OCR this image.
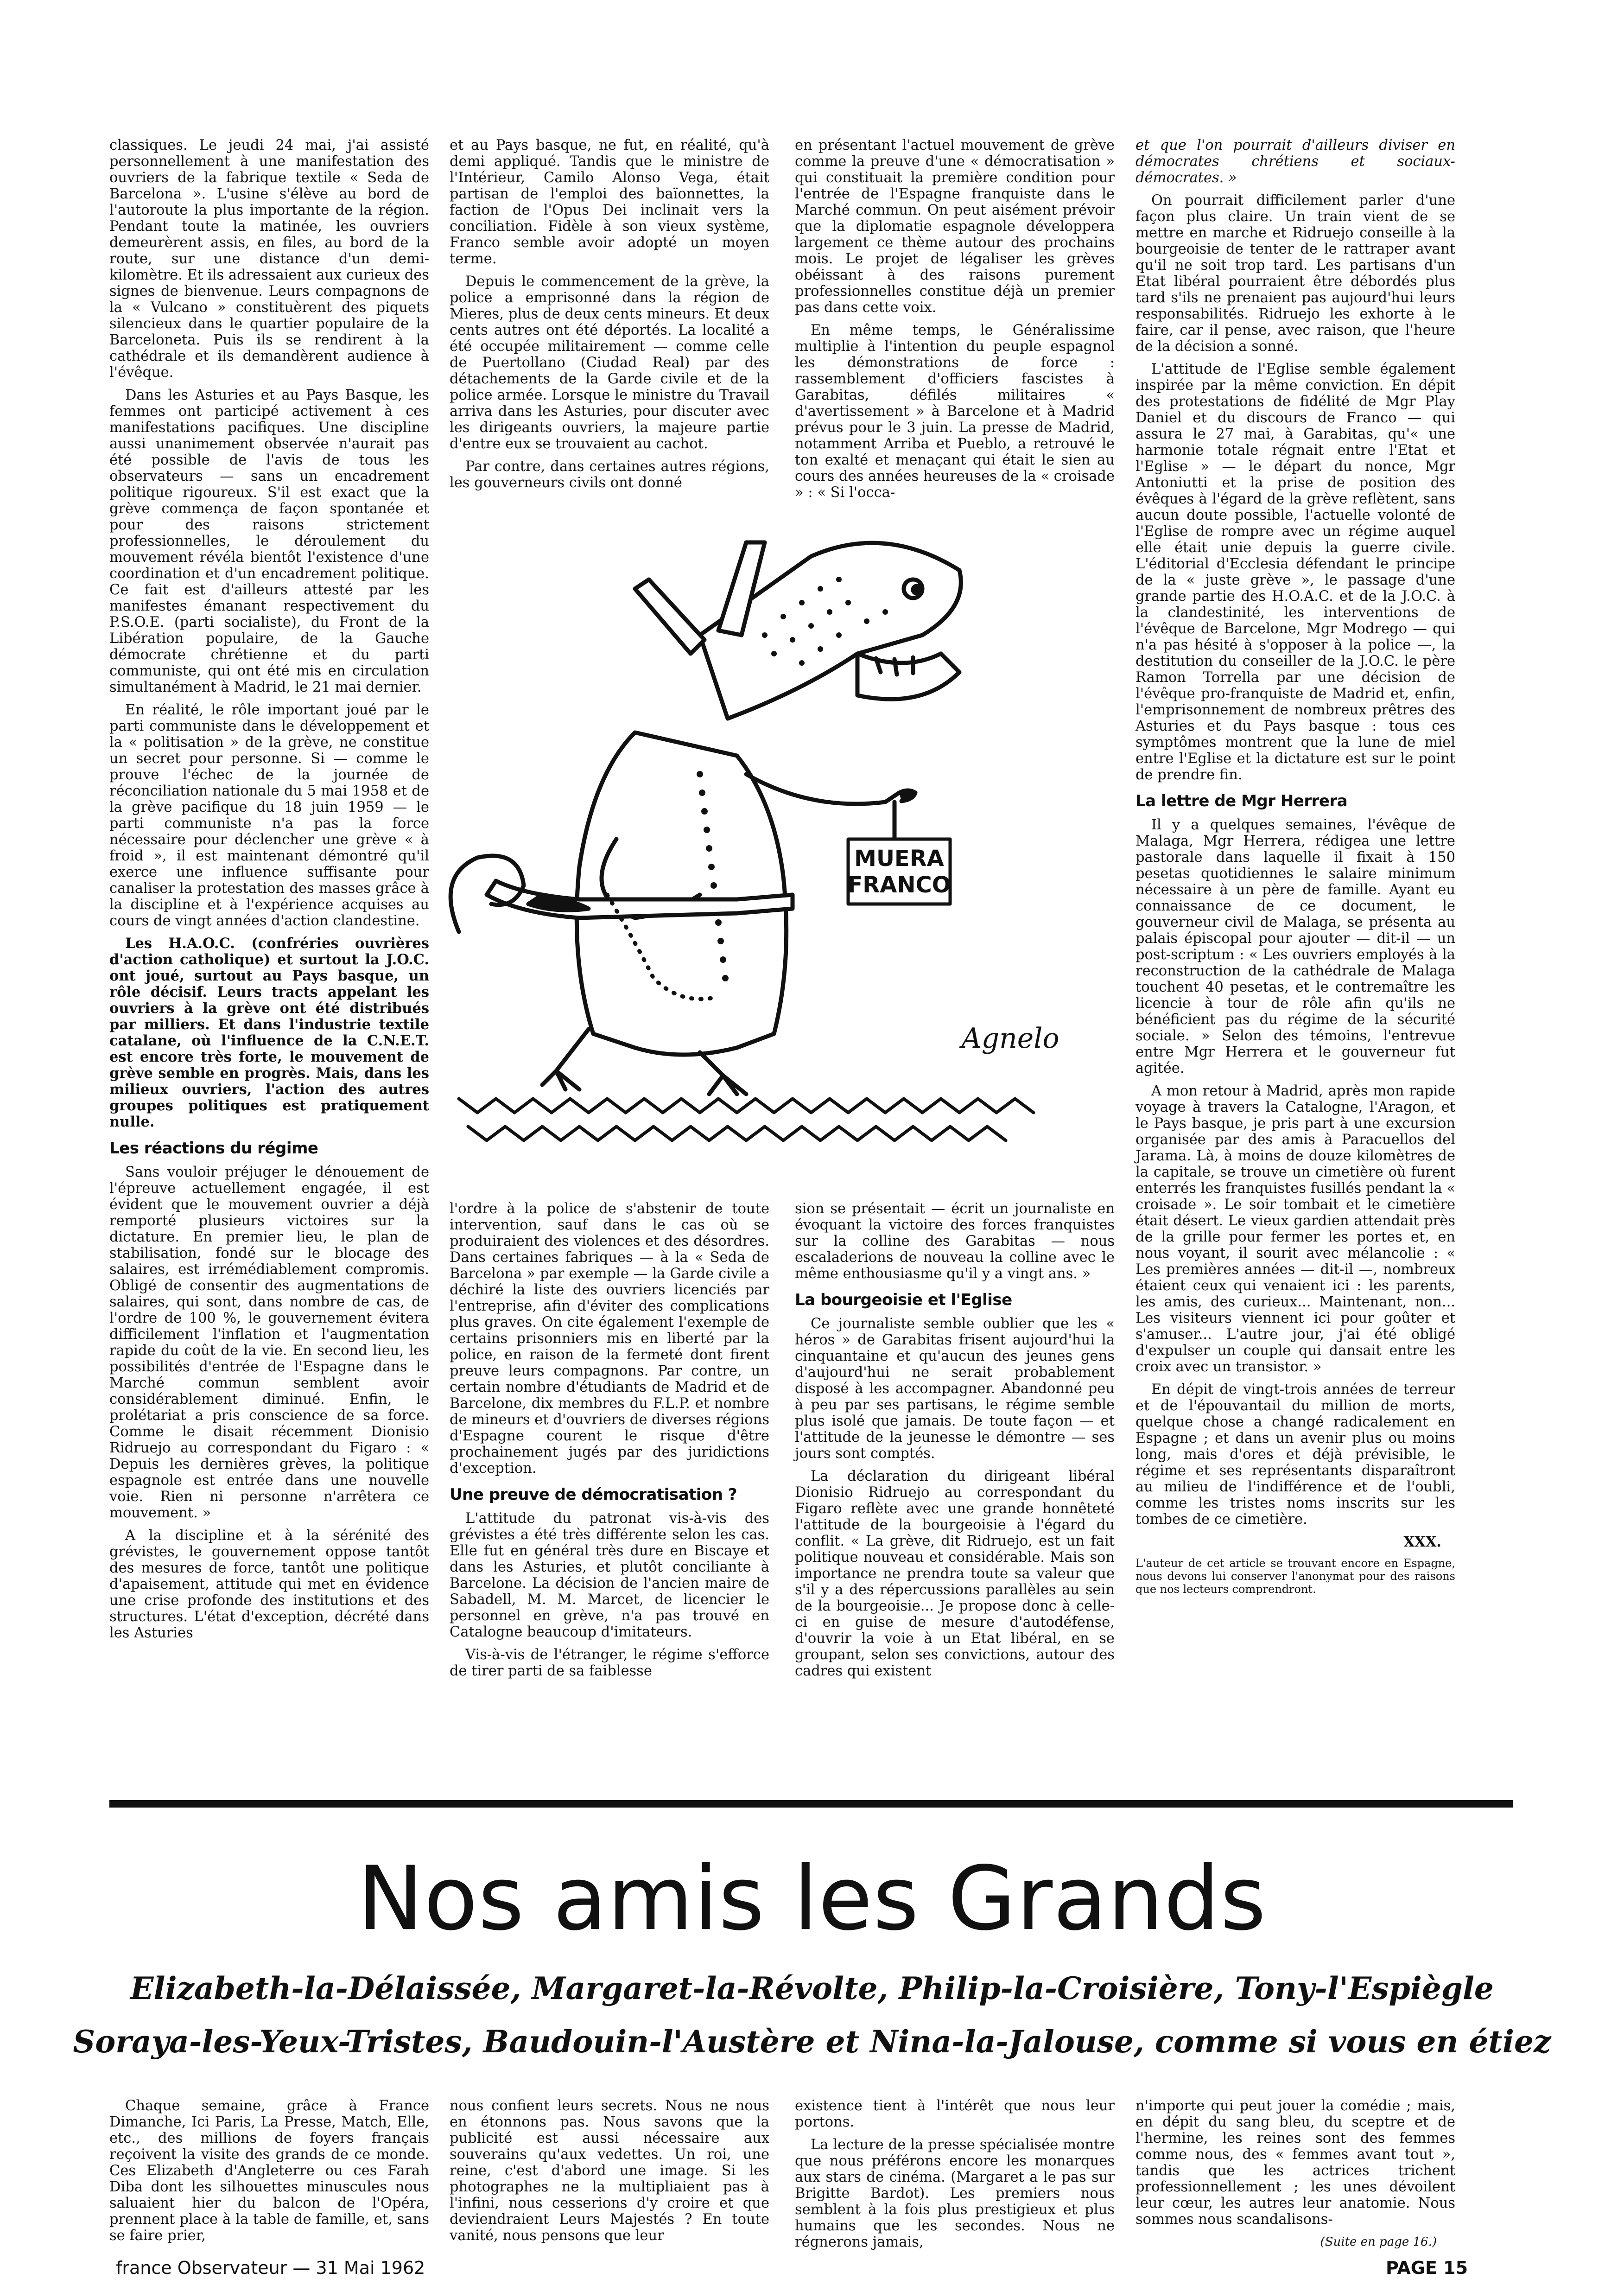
classiques. Le jeudi 24 mai, j'ai assisté personnellement à une manifestation des ouvriers de la fabrique textile « Seda de Barcelona ». L'usine s'élève au bord de l'autoroute la plus importante de la région. Pendant toute la matinée, les ouvriers demeurèrent assis, en files, au bord de la route, sur une distance d'un demi-kilomètre. Et ils adressaient aux curieux des signes de bienvenue. Leurs compagnons de la « Vulcano » constituèrent des piquets silencieux dans le quartier populaire de la Barceloneta. Puis ils se rendirent à la cathédrale et ils demandèrent audience à l'évêque.

Dans les Asturies et au Pays Basque, les femmes ont participé activement à ces manifestations pacifiques. Une discipline aussi unanimement observée n'aurait pas été possible de l'avis de tous les observateurs — sans un encadrement politique rigoureux. S'il est exact que la grève commença de façon spontanée et pour des raisons strictement professionnelles, le déroulement du mouvement révéla bientôt l'existence d'une coordination et d'un encadrement politique. Ce fait est d'ailleurs attesté par les manifestes émanant respectivement du P.S.O.E. (parti socialiste), du Front de la Libération populaire, de la Gauche démocrate chrétienne et du parti communiste, qui ont été mis en circulation simultanément à Madrid, le 21 mai dernier.

En réalité, le rôle important joué par le parti communiste dans le développement et la « politisation » de la grève, ne constitue un secret pour personne. Si — comme le prouve l'échec de la journée de réconciliation nationale du 5 mai 1958 et de la grève pacifique du 18 juin 1959 — le parti communiste n'a pas la force nécessaire pour déclencher une grève « à froid », il est maintenant démontré qu'il exerce une influence suffisante pour canaliser la protestation des masses grâce à la discipline et à l'expérience acquises au cours de vingt années d'action clandestine.

Les H.A.O.C. (confréries ouvrières d'action catholique) et surtout la J.O.C. ont joué, surtout au Pays basque, un rôle décisif. Leurs tracts appelant les ouvriers à la grève ont été distribués par milliers. Et dans l'industrie textile catalane, où l'influence de la C.N.E.T. est encore très forte, le mouvement de grève semble en progrès. Mais, dans les milieux ouvriers, l'action des autres groupes politiques est pratiquement nulle.

Les réactions du régime

Sans vouloir préjuger le dénouement de l'épreuve actuellement engagée, il est évident que le mouvement ouvrier a déjà remporté plusieurs victoires sur la dictature. En premier lieu, le plan de stabilisation, fondé sur le blocage des salaires, est irrémédiablement compromis. Obligé de consentir des augmentations de salaires, qui sont, dans nombre de cas, de l'ordre de 100 %, le gouvernement évitera difficilement l'inflation et l'augmentation rapide du coût de la vie. En second lieu, les possibilités d'entrée de l'Espagne dans le Marché commun semblent avoir considérablement diminué. Enfin, le prolétariat a pris conscience de sa force. Comme le disait récemment Dionisio Ridruejo au correspondant du Figaro : « Depuis les dernières grèves, la politique espagnole est entrée dans une nouvelle voie. Rien ni personne n'arrêtera ce mouvement. »

A la discipline et à la sérénité des grévistes, le gouvernement oppose tantôt des mesures de force, tantôt une politique d'apaisement, attitude qui met en évidence une crise profonde des institutions et des structures. L'état d'exception, décrété dans les Asturies

et au Pays basque, ne fut, en réalité, qu'à demi appliqué. Tandis que le ministre de l'Intérieur, Camilo Alonso Vega, était partisan de l'emploi des baïonnettes, la faction de l'Opus Dei inclinait vers la conciliation. Fidèle à son vieux système, Franco semble avoir adopté un moyen terme.

Depuis le commencement de la grève, la police a emprisonné dans la région de Mieres, plus de deux cents mineurs. Et deux cents autres ont été déportés. La localité a été occupée militairement — comme celle de Puertollano (Ciudad Real) par des détachements de la Garde civile et de la police armée. Lorsque le ministre du Travail arriva dans les Asturies, pour discuter avec les dirigeants ouvriers, la majeure partie d'entre eux se trouvaient au cachot.

Par contre, dans certaines autres régions, les gouverneurs civils ont donné

en présentant l'actuel mouvement de grève comme la preuve d'une « démocratisation » qui constituait la première condition pour l'entrée de l'Espagne franquiste dans le Marché commun. On peut aisément prévoir que la diplomatie espagnole développera largement ce thème autour des prochains mois. Le projet de légaliser les grèves obéissant à des raisons purement professionnelles constitue déjà un premier pas dans cette voix.

En même temps, le Généralissime multiplie à l'intention du peuple espagnol les démonstrations de force : rassemblement d'officiers fascistes à Garabitas, défilés militaires « d'avertissement » à Barcelone et à Madrid prévus pour le 3 juin. La presse de Madrid, notamment Arriba et Pueblo, a retrouvé le ton exalté et menaçant qui était le sien au cours des années heureuses de la « croisade » : « Si l'occa-

et que l'on pourrait d'ailleurs diviser en démocrates chrétiens et sociaux-démocrates. »

On pourrait difficilement parler d'une façon plus claire. Un train vient de se mettre en marche et Ridruejo conseille à la bourgeoisie de tenter de le rattraper avant qu'il ne soit trop tard. Les partisans d'un Etat libéral pourraient être débordés plus tard s'ils ne prenaient pas aujourd'hui leurs responsabilités. Ridruejo les exhorte à le faire, car il pense, avec raison, que l'heure de la décision a sonné.

L'attitude de l'Eglise semble également inspirée par la même conviction. En dépit des protestations de fidélité de Mgr Play Daniel et du discours de Franco — qui assura le 27 mai, à Garabitas, qu'« une harmonie totale régnait entre l'Etat et l'Eglise » — le départ du nonce, Mgr Antoniutti et la prise de position des évêques à l'égard de la grève reflètent, sans aucun doute possible, l'actuelle volonté de l'Eglise de rompre avec un régime auquel elle était unie depuis la guerre civile. L'éditorial d'Ecclesia défendant le principe de la « juste grève », le passage d'une grande partie des H.O.A.C. et de la J.O.C. à la clandestinité, les interventions de l'évêque de Barcelone, Mgr Modrego — qui n'a pas hésité à s'opposer à la police —, la destitution du conseiller de la J.O.C. le père Ramon Torrella par une décision de l'évêque pro-franquiste de Madrid et, enfin, l'emprisonnement de nombreux prêtres des Asturies et du Pays basque : tous ces symptômes montrent que la lune de miel entre l'Eglise et la dictature est sur le point de prendre fin.

La lettre de Mgr Herrera

Il y a quelques semaines, l'évêque de Malaga, Mgr Herrera, rédigea une lettre pastorale dans laquelle il fixait à 150 pesetas quotidiennes le salaire minimum nécessaire à un père de famille. Ayant eu connaissance de ce document, le gouverneur civil de Malaga, se présenta au palais épiscopal pour ajouter — dit-il — un post-scriptum : « Les ouvriers employés à la reconstruction de la cathédrale de Malaga touchent 40 pesetas, et le contremaître les licencie à tour de rôle afin qu'ils ne bénéficient pas du régime de la sécurité sociale. » Selon des témoins, l'entrevue entre Mgr Herrera et le gouverneur fut agitée.

A mon retour à Madrid, après mon rapide voyage à travers la Catalogne, l'Aragon, et le Pays basque, je pris part à une excursion organisée par des amis à Paracuellos del Jarama. Là, à moins de douze kilomètres de la capitale, se trouve un cimetière où furent enterrés les franquistes fusillés pendant la « croisade ». Le soir tombait et le cimetière était désert. Le vieux gardien attendait près de la grille pour fermer les portes et, en nous voyant, il sourit avec mélancolie : « Les premières années — dit-il —, nombreux étaient ceux qui venaient ici : les parents, les amis, des curieux... Maintenant, non... Les visiteurs viennent ici pour goûter et s'amuser... L'autre jour, j'ai été obligé d'expulser un couple qui dansait entre les croix avec un transistor. »

En dépit de vingt-trois années de terreur et de l'épouvantail du million de morts, quelque chose a changé radicalement en Espagne ; et dans un avenir plus ou moins long, mais d'ores et déjà prévisible, le régime et ses représentants disparaîtront au milieu de l'indifférence et de l'oubli, comme les tristes noms inscrits sur les tombes de ce cimetière.

XXX.
L'auteur de cet article se trouvant encore en Espagne, nous devons lui conserver l'anonymat pour des raisons que nos lecteurs comprendront.
MUERA
FRANCO
Agnelo

l'ordre à la police de s'abstenir de toute intervention, sauf dans le cas où se produiraient des violences et des désordres. Dans certaines fabriques — à la « Seda de Barcelona » par exemple — la Garde civile a déchiré la liste des ouvriers licenciés par l'entreprise, afin d'éviter des complications plus graves. On cite également l'exemple de certains prisonniers mis en liberté par la police, en raison de la fermeté dont firent preuve leurs compagnons. Par contre, un certain nombre d'étudiants de Madrid et de Barcelone, dix membres du F.L.P. et nombre de mineurs et d'ouvriers de diverses régions d'Espagne courent le risque d'être prochainement jugés par des juridictions d'exception.

Une preuve de démocratisation ?

L'attitude du patronat vis-à-vis des grévistes a été très différente selon les cas. Elle fut en général très dure en Biscaye et dans les Asturies, et plutôt conciliante à Barcelone. La décision de l'ancien maire de Sabadell, M. M. Marcet, de licencier le personnel en grève, n'a pas trouvé en Catalogne beaucoup d'imitateurs.

Vis-à-vis de l'étranger, le régime s'efforce de tirer parti de sa faiblesse

sion se présentait — écrit un journaliste en évoquant la victoire des forces franquistes sur la colline des Garabitas — nous escaladerions de nouveau la colline avec le même enthousiasme qu'il y a vingt ans. »

La bourgeoisie et l'Eglise

Ce journaliste semble oublier que les « héros » de Garabitas frisent aujourd'hui la cinquantaine et qu'aucun des jeunes gens d'aujourd'hui ne serait probablement disposé à les accompagner. Abandonné peu à peu par ses partisans, le régime semble plus isolé que jamais. De toute façon — et l'attitude de la jeunesse le démontre — ses jours sont comptés.

La déclaration du dirigeant libéral Dionisio Ridruejo au correspondant du Figaro reflète avec une grande honnêteté l'attitude de la bourgeoisie à l'égard du conflit. « La grève, dit Ridruejo, est un fait politique nouveau et considérable. Mais son importance ne prendra toute sa valeur que s'il y a des répercussions parallèles au sein de la bourgeoisie... Je propose donc à celle-ci en guise de mesure d'autodéfense, d'ouvrir la voie à un Etat libéral, en se groupant, selon ses convictions, autour des cadres qui existent

Nos amis les Grands
Elizabeth-la-Délaissée, Margaret-la-Révolte, Philip-la-Croisière, Tony-l'Espiègle
Soraya-les-Yeux-Tristes, Baudouin-l'Austère et Nina-la-Jalouse, comme si vous en étiez

Chaque semaine, grâce à France Dimanche, Ici Paris, La Presse, Match, Elle, etc., des millions de foyers français reçoivent la visite des grands de ce monde. Ces Elizabeth d'Angleterre ou ces Farah Diba dont les silhouettes minuscules nous saluaient hier du balcon de l'Opéra, prennent place à la table de famille, et, sans se faire prier,

nous confient leurs secrets. Nous ne nous en étonnons pas. Nous savons que la publicité est aussi nécessaire aux souverains qu'aux vedettes. Un roi, une reine, c'est d'abord une image. Si les photographes ne la multipliaient pas à l'infini, nous cesserions d'y croire et que deviendraient Leurs Majestés ? En toute vanité, nous pensons que leur

existence tient à l'intérêt que nous leur portons.

La lecture de la presse spécialisée montre que nous préférons encore les monarques aux stars de cinéma. (Margaret a le pas sur Brigitte Bardot). Les premiers nous semblent à la fois plus prestigieux et plus humains que les secondes. Nous ne régnerons jamais,

n'importe qui peut jouer la comédie ; mais, en dépit du sang bleu, du sceptre et de l'hermine, les reines sont des femmes comme nous, des « femmes avant tout », tandis que les actrices trichent professionnellement ; les unes dévoilent leur cœur, les autres leur anatomie. Nous sommes nous scandalisons-

(Suite en page 16.)
france Observateur — 31 Mai 1962	PAGE 15
